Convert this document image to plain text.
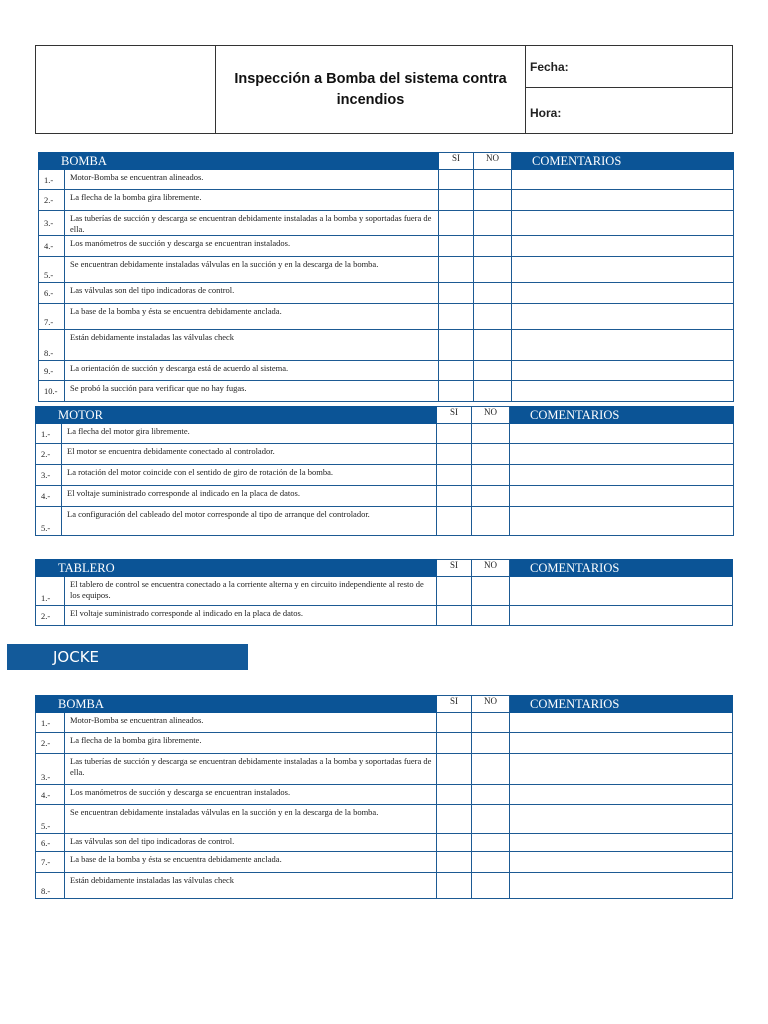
Inspección a Bomba del sistema contra incendios
Fecha:
Hora:
BOMBA		SI	NO	COMENTARIOS
1.-	Motor-Bomba se encuentran alineados.			
2.-	La flecha de la bomba gira libremente.			
3.-	Las tuberías de succión y descarga se encuentran debidamente instaladas a la bomba y soportadas fuera de ella.			
4.-	Los manómetros de succión y descarga se encuentran instalados.			
5.-	Se encuentran debidamente instaladas válvulas en la succión y en la descarga de la bomba.			
6.-	Las válvulas son del tipo indicadoras de control.			
7.-	La base de la bomba y ésta se encuentra debidamente anclada.			
8.-	Están debidamente instaladas las válvulas check			
9.-	La orientación de succión y descarga está de acuerdo al sistema.			
10.-	Se probó la succión para verificar que no hay fugas.			
MOTOR		SI	NO	COMENTARIOS
1.-	La flecha del motor gira libremente.			
2.-	El motor se encuentra debidamente conectado al controlador.			
3.-	La rotación del motor coincide con el sentido de giro de rotación de la bomba.			
4.-	El voltaje suministrado corresponde al indicado en la placa de datos.			
5.-	La configuración del cableado del motor corresponde al tipo de arranque del controlador.			
TABLERO		SI	NO	COMENTARIOS
1.-	El tablero de control se encuentra conectado a la corriente alterna y en circuito independiente al resto de los equipos.			
2.-	El voltaje suministrado corresponde al indicado en la placa de datos.			
JOCKE
BOMBA		SI	NO	COMENTARIOS
1.-	Motor-Bomba se encuentran alineados.			
2.-	La flecha de la bomba gira libremente.			
3.-	Las tuberías de succión y descarga se encuentran debidamente instaladas a la bomba y soportadas fuera de ella.			
4.-	Los manómetros de succión y descarga se encuentran instalados.			
5.-	Se encuentran debidamente instaladas válvulas en la succión y en la descarga de la bomba.			
6.-	Las válvulas son del tipo indicadoras de control.			
7.-	La base de la bomba y ésta se encuentra debidamente anclada.			
8.-	Están debidamente instaladas las válvulas check			
